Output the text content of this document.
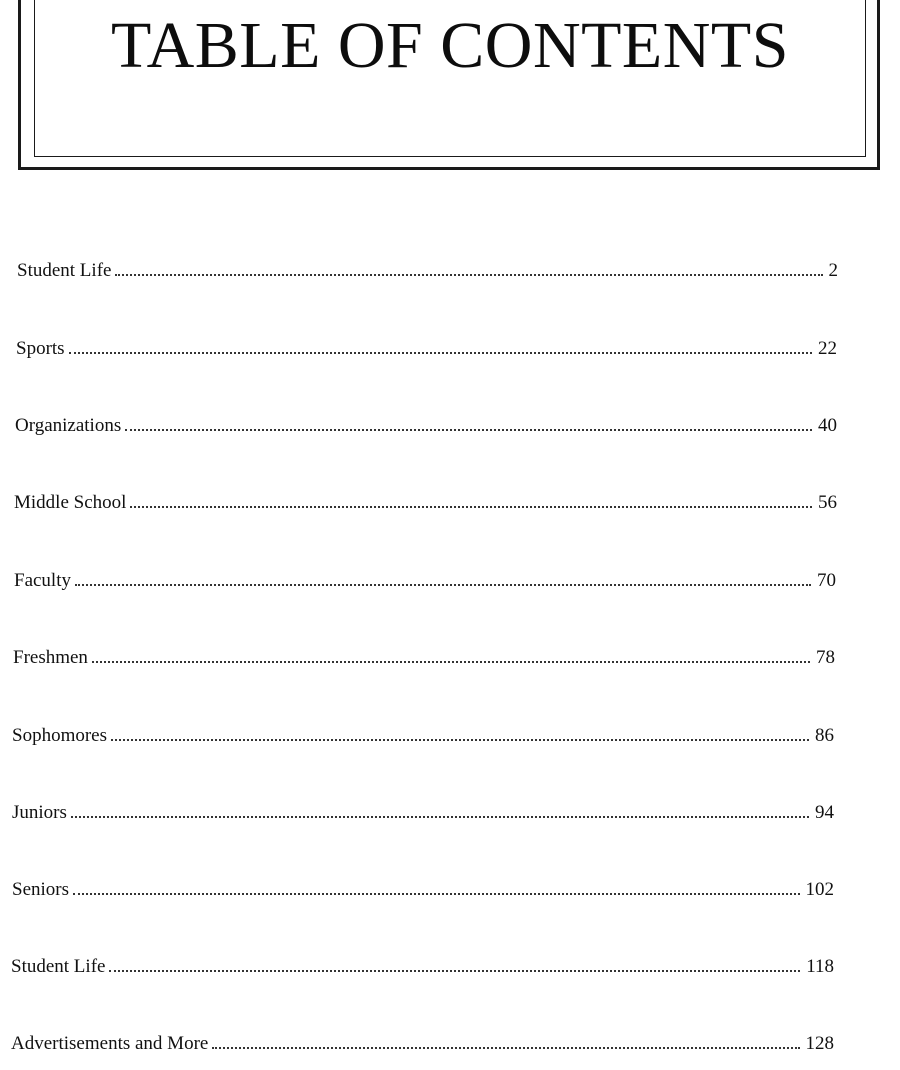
TABLE OF CONTENTS
Student Life	2
Sports	22
Organizations	40
Middle School	56
Faculty	70
Freshmen	78
Sophomores	86
Juniors	94
Seniors	102
Student Life	118
Advertisements and More	128
